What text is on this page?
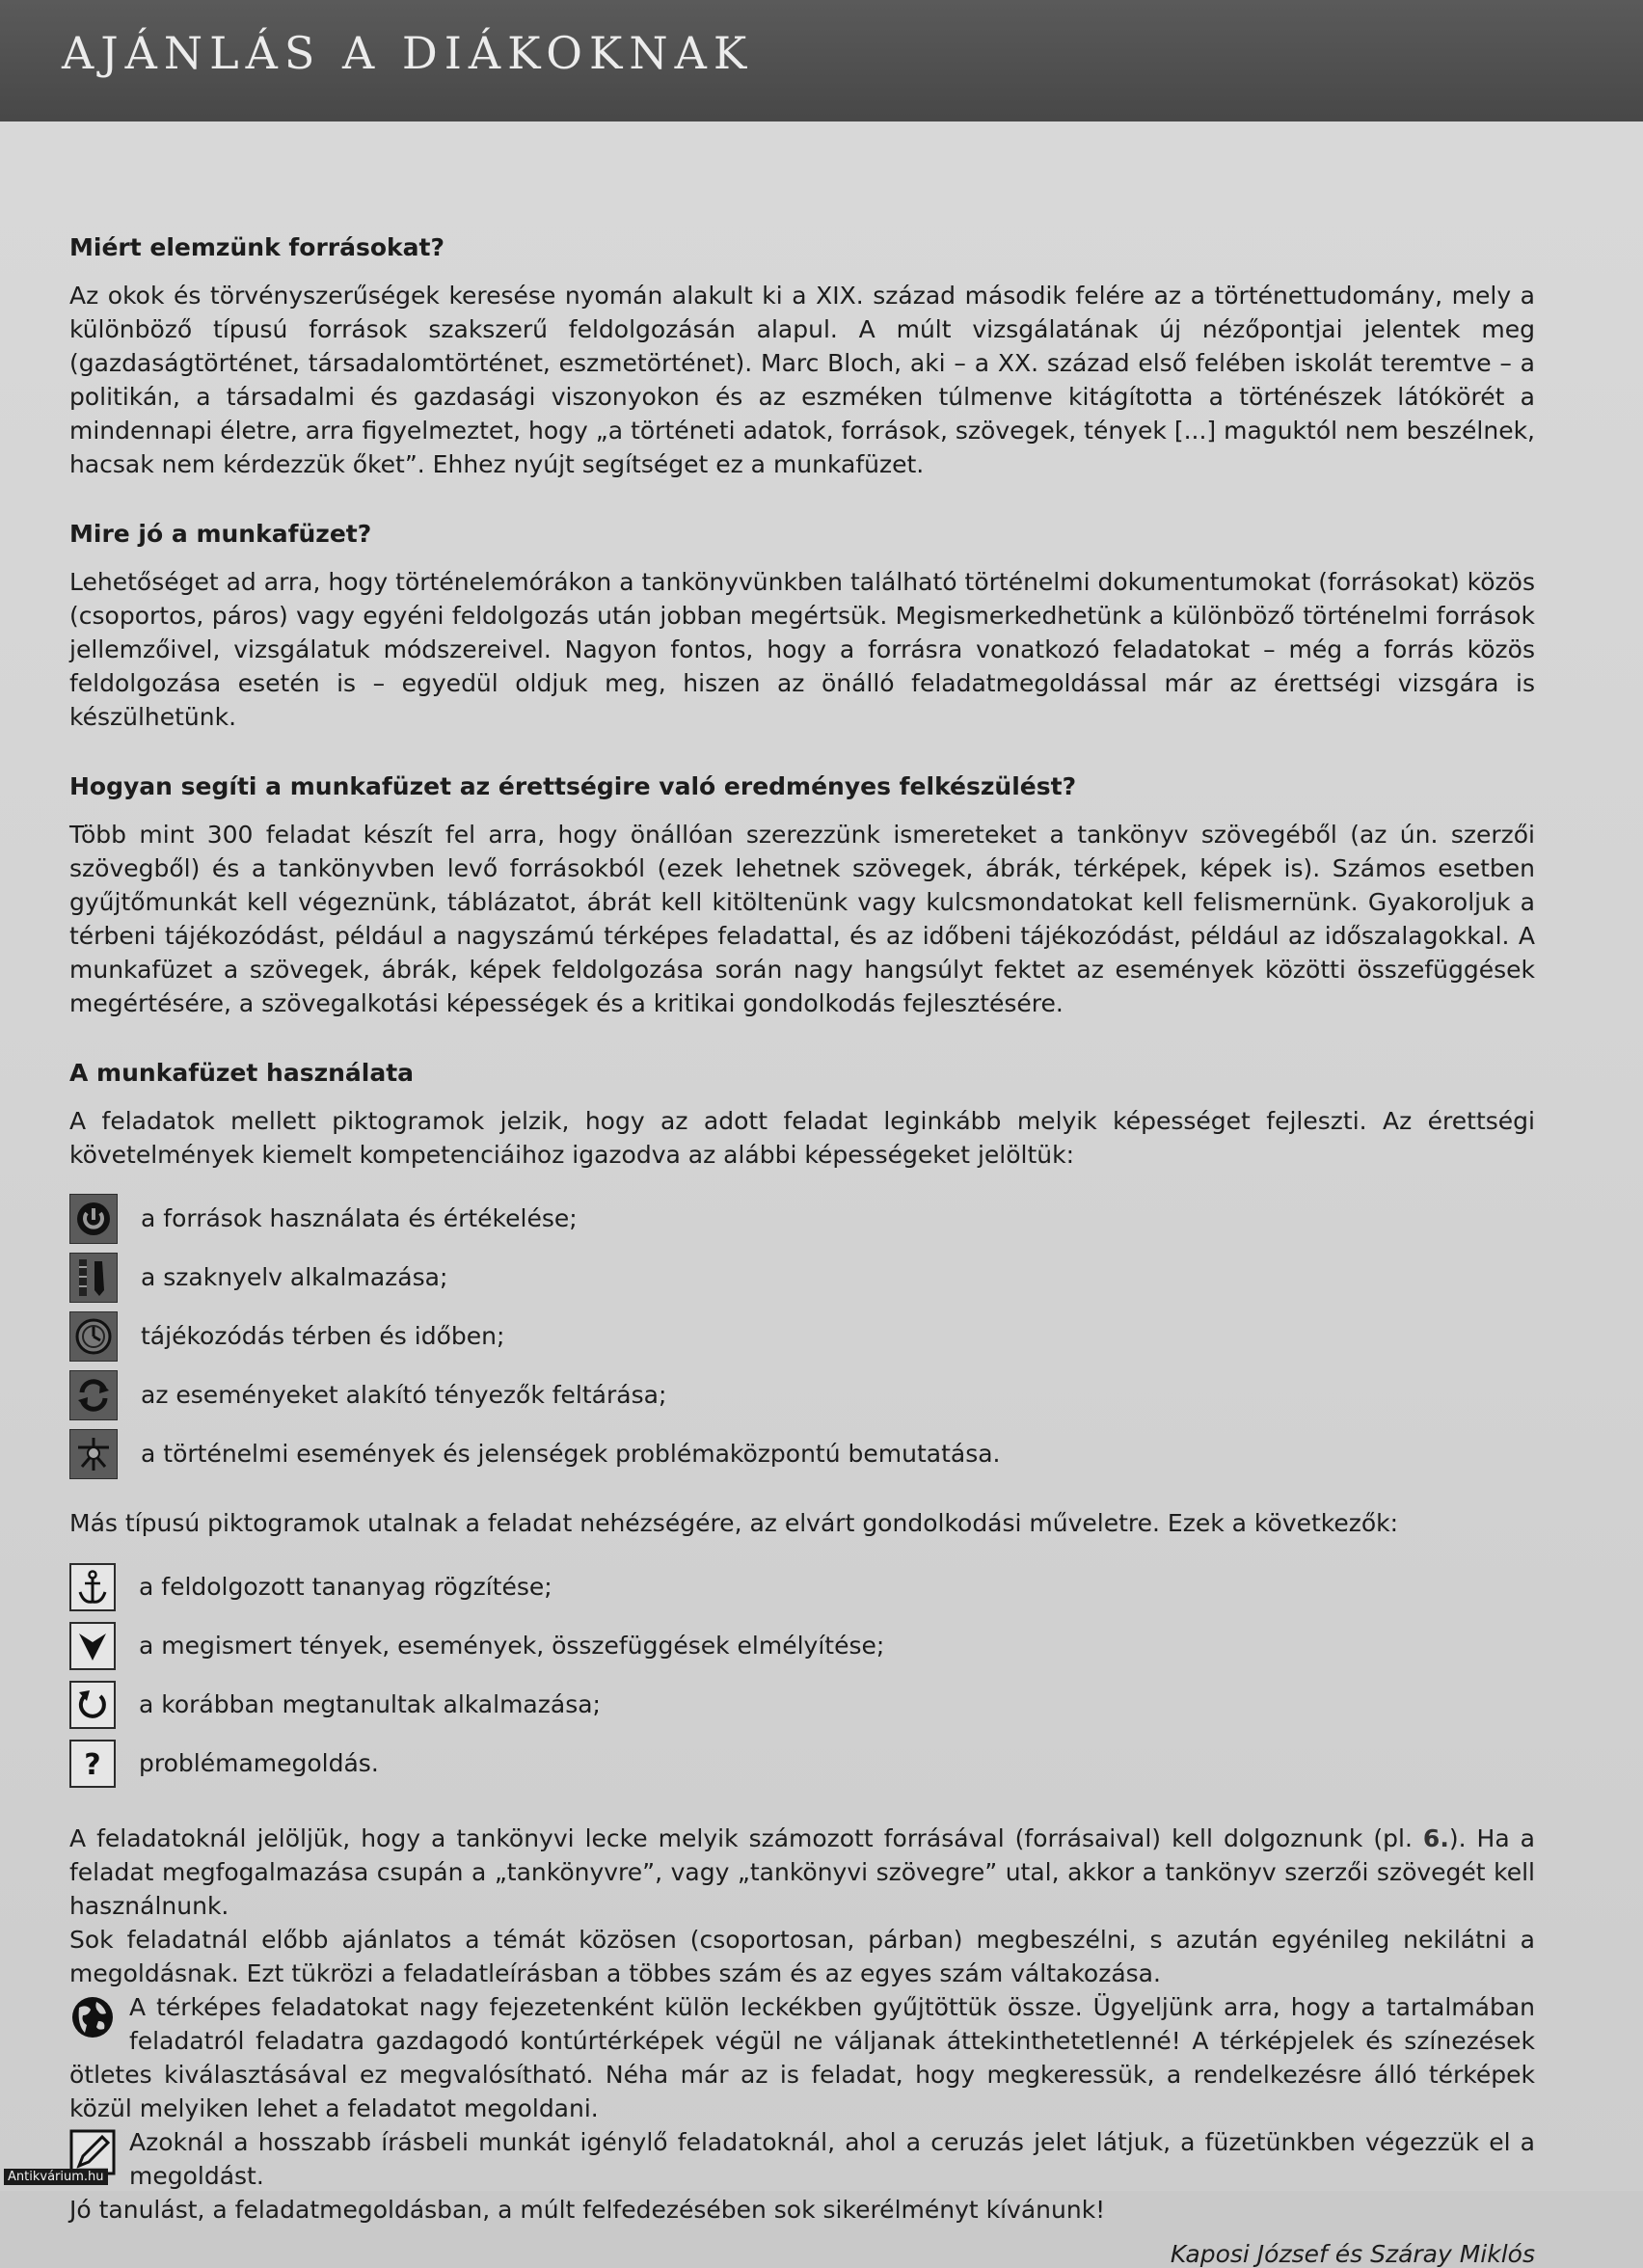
AJÁNLÁS A DIÁKOKNAK
Miért elemzünk forrásokat?

Az okok és törvényszerűségek keresése nyomán alakult ki a XIX. század második felére az a történettudomány, mely a különböző típusú források szakszerű feldolgozásán alapul. A múlt vizsgálatának új nézőpontjai jelentek meg (gazdaságtörténet, társadalomtörténet, eszmetörténet). Marc Bloch, aki – a XX. század első felében iskolát teremtve – a politikán, a társadalmi és gazdasági viszonyokon és az eszméken túlmenve kitágította a történészek látókörét a mindennapi életre, arra figyelmeztet, hogy „a történeti adatok, források, szövegek, tények [...] maguktól nem beszélnek, hacsak nem kérdezzük őket”. Ehhez nyújt segítséget ez a munkafüzet.

Mire jó a munkafüzet?

Lehetőséget ad arra, hogy történelemórákon a tankönyvünkben található történelmi dokumentumokat (forrásokat) közös (csoportos, páros) vagy egyéni feldolgozás után jobban megértsük. Megismerkedhetünk a különböző történelmi források jellemzőivel, vizsgálatuk módszereivel. Nagyon fontos, hogy a forrásra vonatkozó feladatokat – még a forrás közös feldolgozása esetén is – egyedül oldjuk meg, hiszen az önálló feladatmegoldással már az érettségi vizsgára is készülhetünk.

Hogyan segíti a munkafüzet az érettségire való eredményes felkészülést?

Több mint 300 feladat készít fel arra, hogy önállóan szerezzünk ismereteket a tankönyv szövegéből (az ún. szerzői szövegből) és a tankönyvben levő forrásokból (ezek lehetnek szövegek, ábrák, térképek, képek is). Számos esetben gyűjtőmunkát kell végeznünk, táblázatot, ábrát kell kitöltenünk vagy kulcsmondatokat kell felismernünk. Gyakoroljuk a térbeni tájékozódást, például a nagyszámú térképes feladattal, és az időbeni tájékozódást, például az időszalagokkal. A munkafüzet a szövegek, ábrák, képek feldolgozása során nagy hangsúlyt fektet az események közötti összefüggések megértésére, a szövegalkotási képességek és a kritikai gondolkodás fejlesztésére.

A munkafüzet használata

A feladatok mellett piktogramok jelzik, hogy az adott feladat leginkább melyik képességet fejleszti. Az érettségi követelmények kiemelt kompetenciáihoz igazodva az alábbi képességeket jelöltük:

a források használata és értékelése;
a szaknyelv alkalmazása;
tájékozódás térben és időben;
az eseményeket alakító tényezők feltárása;
a történelmi események és jelenségek problémaközpontú bemutatása.

Más típusú piktogramok utalnak a feladat nehézségére, az elvárt gondolkodási műveletre. Ezek a következők:

a feldolgozott tananyag rögzítése;
a megismert tények, események, összefüggések elmélyítése;
a korábban megtanultak alkalmazása;
? problémamegoldás.

A feladatoknál jelöljük, hogy a tankönyvi lecke melyik számozott forrásával (forrásaival) kell dolgoznunk (pl. 6.). Ha a feladat megfogalmazása csupán a „tankönyvre”, vagy „tankönyvi szövegre” utal, akkor a tankönyv szerzői szövegét kell használnunk.

Sok feladatnál előbb ajánlatos a témát közösen (csoportosan, párban) megbeszélni, s azután egyénileg nekilátni a megoldásnak. Ezt tükrözi a feladatleírásban a többes szám és az egyes szám váltakozása.

A térképes feladatokat nagy fejezetenként külön leckékben gyűjtöttük össze. Ügyeljünk arra, hogy a tartalmában feladatról feladatra gazdagodó kontúrtérképek végül ne váljanak áttekinthetetlenné! A térképjelek és színezések ötletes kiválasztásával ez megvalósítható. Néha már az is feladat, hogy megkeressük, a rendelkezésre álló térképek közül melyiken lehet a feladatot megoldani.

Azoknál a hosszabb írásbeli munkát igénylő feladatoknál, ahol a ceruzás jelet látjuk, a füzetünkben végezzük el a megoldást.

Jó tanulást, a feladatmegoldásban, a múlt felfedezésében sok sikerélményt kívánunk!

Kaposi József és Száray Miklós
Antikvárium.hu
